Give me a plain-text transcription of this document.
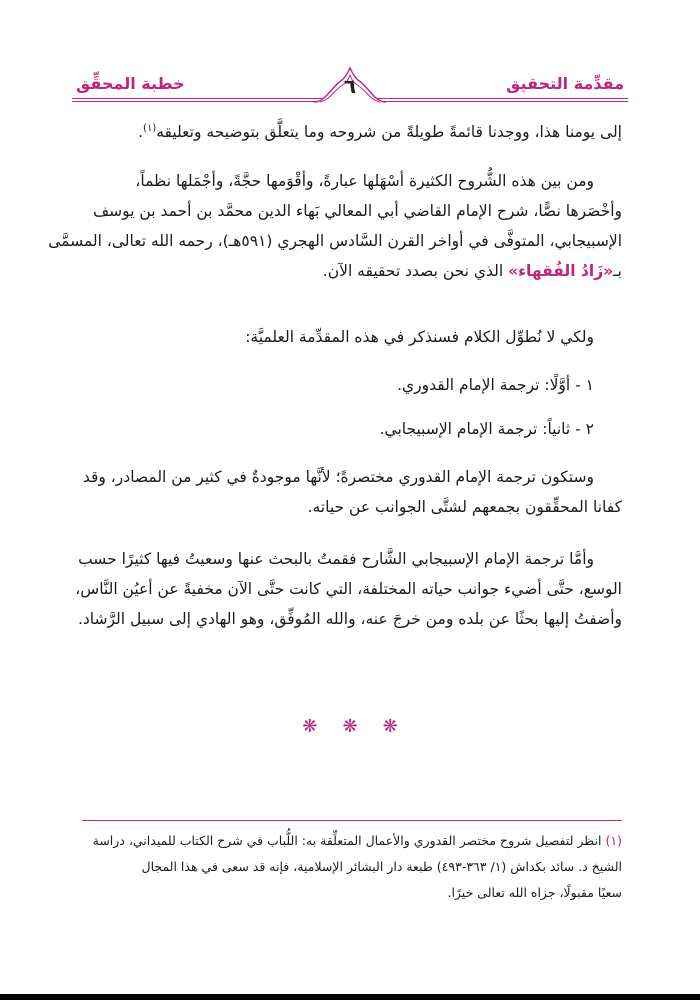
مقدِّمة التحقيق
خطبة المحقِّق	٦
إلى يومنا هذا، ووجدنا قائمةً طويلةً من شروحه وما يتعلَّق بتوضيحه وتعليقه$^{(١)}$.
ومن بين هذه الشُّروح الكثيرة أسْهَلها عبارةً، وأقْوَمها حجَّةً، وأجْمَلها نظماً،
وأخْصَرها نصًّا، شرح الإمام القاضي أبي المعالي بَهاء الدين محمَّد بن أحمد بن يوسف
الإسبيجابي، المتوفَّى في أواخر القرن السَّادس الهجري (٥٩١هـ)، رحمه الله تعالى، المسمَّى
بـ«زَادُ الفُقهاء» الذي نحن بصدد تحقيقه الآن.
ولكي لا نُطوِّل الكلام فسنذكر في هذه المقدِّمة العلميَّة:
١ - أوَّلًا: ترجمة الإمام القدوري.
٢ - ثانياً: ترجمة الإمام الإسبيجابي.
وستكون ترجمة الإمام القدوري مختصرةً؛ لأنَّها موجودةٌ في كثير من المصادر، وقد
كفانا المحقِّقون بجمعهم لشتَّى الجوانب عن حياته.
وأمَّا ترجمة الإمام الإسبيجابي الشَّارح فقمتُ بالبحث عنها وسعيتُ فيها كثيرًا حسب
الوسع، حتَّى أضيء جوانب حياته المختلفة، التي كانت حتَّى الآن مخفيةً عن أعيُن النَّاس،
وأضفتُ إليها بحثًا عن بلده ومن خرجَ عنه، والله المُوفِّق، وهو الهادي إلى سبيل الرَّشاد.
❋ ❋ ❋
(١) انظر لتفصيل شروح مختصر القدوري والأعمال المتعلِّقة به: اللُّباب في شرح الكتاب للميداني، دراسة
الشيخ د. سائد بكداش (١/ ٣٦٣-٤٩٣) طبعة دار البشائر الإسلامية، فإنه قد سعى في هذا المجال
سعيًا مقبولًا، جزاه الله تعالى خيرًا.
